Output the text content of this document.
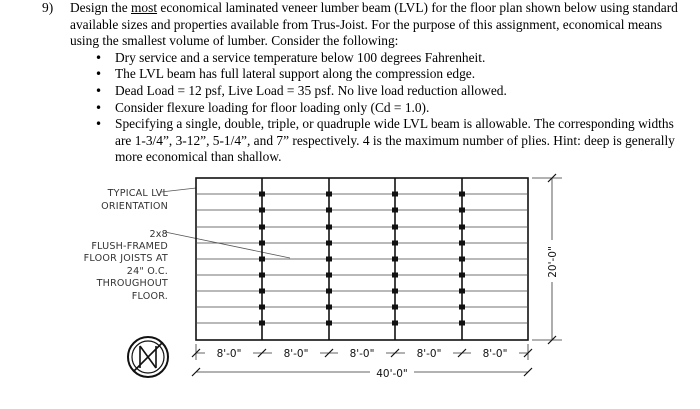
9)	Design the most economical laminated veneer lumber beam (LVL) for the floor plan shown below using standard available sizes and properties available from Trus-Joist. For the purpose of this assignment, economical means using the smallest volume of lumber. Consider the following:
• Dry service and a service temperature below 100 degrees Fahrenheit.
• The LVL beam has full lateral support along the compression edge.
• Dead Load = 12 psf, Live Load = 35 psf. No live load reduction allowed.
• Consider flexure loading for floor loading only (Cd = 1.0).
• Specifying a single, double, triple, or quadruple wide LVL beam is allowable. The corresponding widths are 1-3/4”, 3-12”, 5-1/4”, and 7” respectively. 4 is the maximum number of plies. Hint: deep is generally more economical than shallow.
TYPICAL LVL
ORIENTATION
2x8
FLUSH-FRAMED
FLOOR JOISTS AT
24" O.C.
THROUGHOUT
FLOOR.
20'-0"
8'-0"	8'-0"	8'-0"	8'-0"	8'-0"
40'-0"
N
